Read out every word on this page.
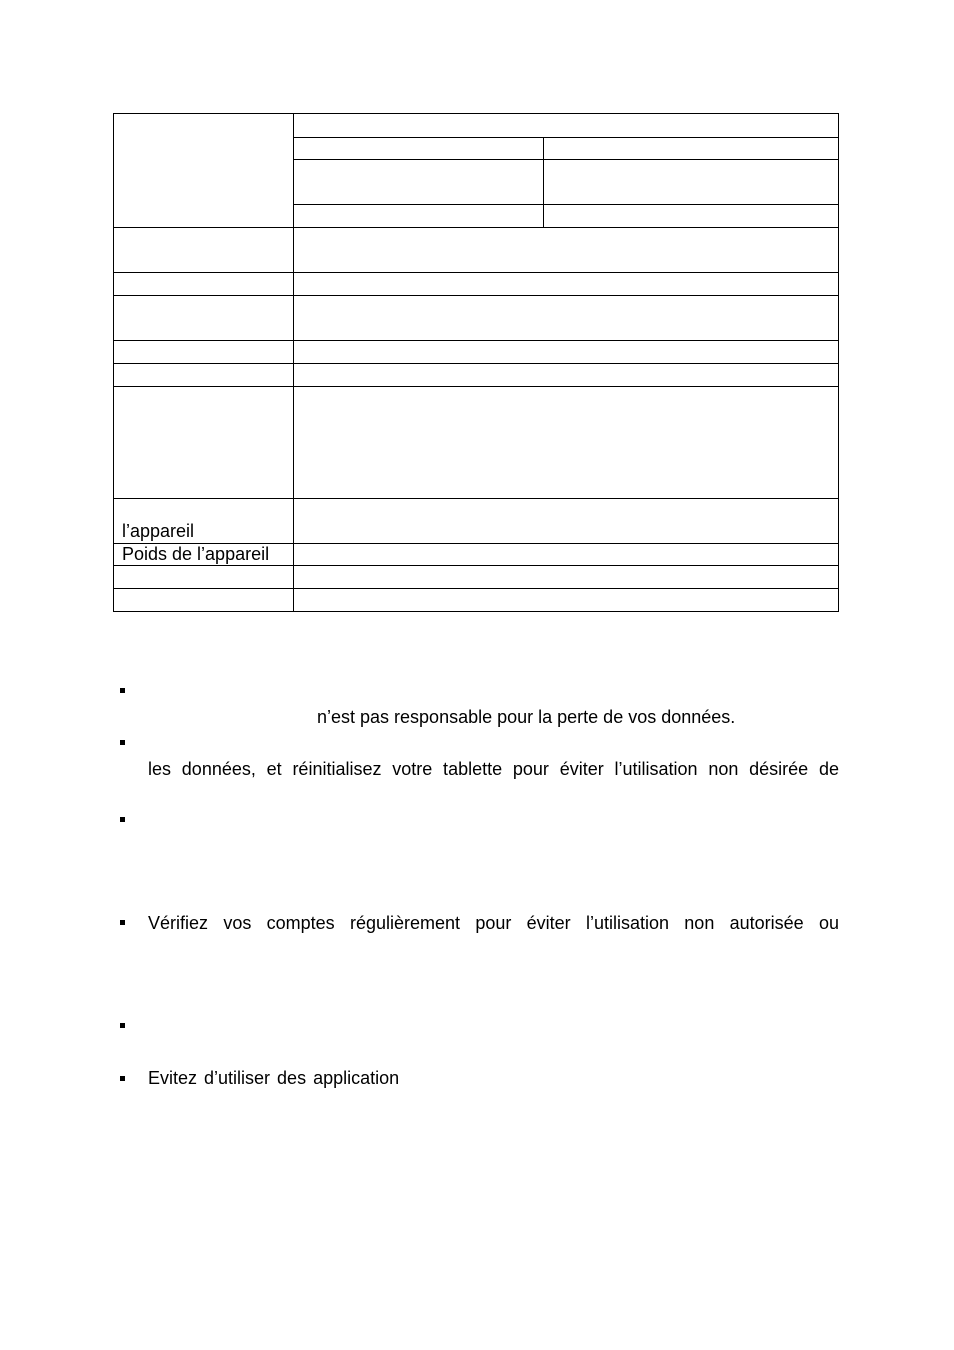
l’appareil
Poids de l’appareil
n’est pas responsable pour la perte de vos données.
les données, et réinitialisez votre tablette pour éviter l’utilisation non désirée de
Vérifiez vos comptes régulièrement pour éviter l’utilisation non autorisée ou
Evitez d’utiliser des application
